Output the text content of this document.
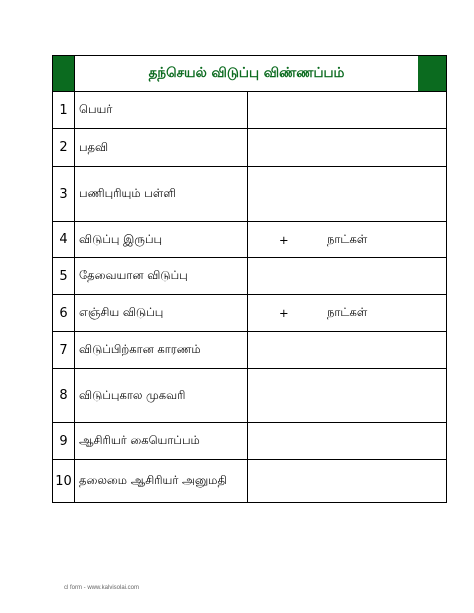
	தந்செயல் விடுப்பு விண்ணப்பம்	

1	பெயர்	
2	பதவி	
3	பணிபுரியும் பள்ளி	
4	விடுப்பு இருப்பு	+ நாட்கள்

5	தேவையான விடுப்பு	
6	எஞ்சிய விடுப்பு	+ நாட்கள்

7	விடுப்பிற்கான காரணம்	
8	விடுப்புகால முகவரி	
9	ஆசிரியர் கையொப்பம்	
10	தலைமை ஆசிரியர் அனுமதி	
cl form - www.kalvisolai.com
